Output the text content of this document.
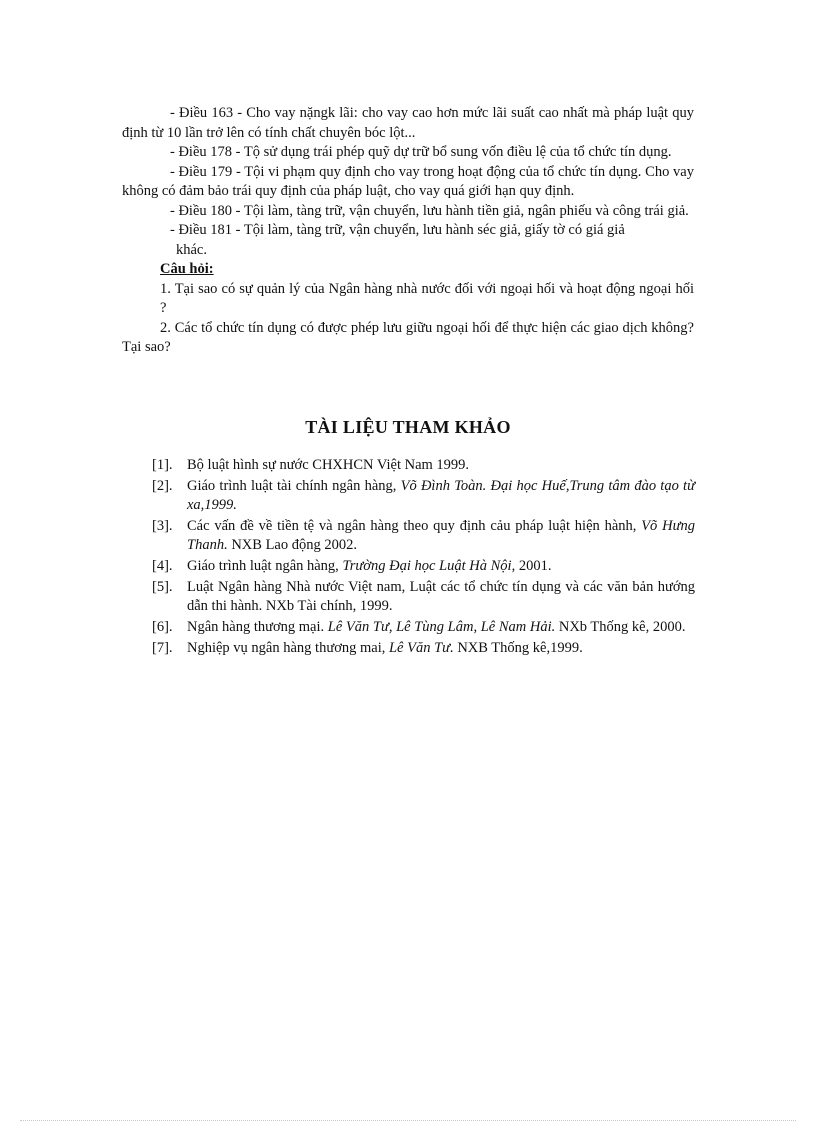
- Điều 163 - Cho vay nặngk lãi: cho vay cao hơn mức lãi suất cao nhất mà pháp luật quy định từ 10 lần trở lên có tính chất chuyên bóc lột...

- Điều 178 - Tộ sử dụng trái phép quỹ dự trữ bổ sung vốn điều lệ của tổ chức tín dụng.

- Điều 179 - Tội vi phạm quy định cho vay trong hoạt động của tổ chức tín dụng. Cho vay không có đảm bảo trái quy định của pháp luật, cho vay quá giới hạn quy định.

- Điều 180 - Tội làm, tàng trữ, vận chuyển, lưu hành tiền giả, ngân phiếu và công trái giả.

- Điều 181 - Tội làm, tàng trữ, vận chuyển, lưu hành séc giả, giấy tờ có giá giả
khác.

Câu hỏi:

1. Tại sao có sự quản lý của Ngân hàng nhà nước đối với ngoại hối và hoạt động ngoại hối ?

2. Các tổ chức tín dụng có được phép lưu giữu ngoại hối để thực hiện các giao dịch không? Tại sao?

TÀI LIỆU THAM KHẢO
[1]. Bộ luật hình sự nước CHXHCN Việt Nam 1999.
[2]. Giáo trình luật tài chính ngân hàng, Võ Đình Toàn. Đại học Huế,Trung tâm đào tạo từ xa,1999.
[3]. Các vấn đề về tiền tệ và ngân hàng theo quy định cảu pháp luật hiện hành, Võ Hưng Thanh. NXB Lao động 2002.
[4]. Giáo trình luật ngân hàng, Trường Đại học Luật Hà Nội, 2001.
[5]. Luật Ngân hàng Nhà nước Việt nam, Luật các tổ chức tín dụng và các văn bản hướng dẫn thi hành. NXb Tài chính, 1999.
[6]. Ngân hàng thương mại. Lê Văn Tư, Lê Tùng Lâm, Lê Nam Hải. NXb Thống kê, 2000.
[7]. Nghiệp vụ ngân hàng thương mai, Lê Văn Tư. NXB Thống kê,1999.
